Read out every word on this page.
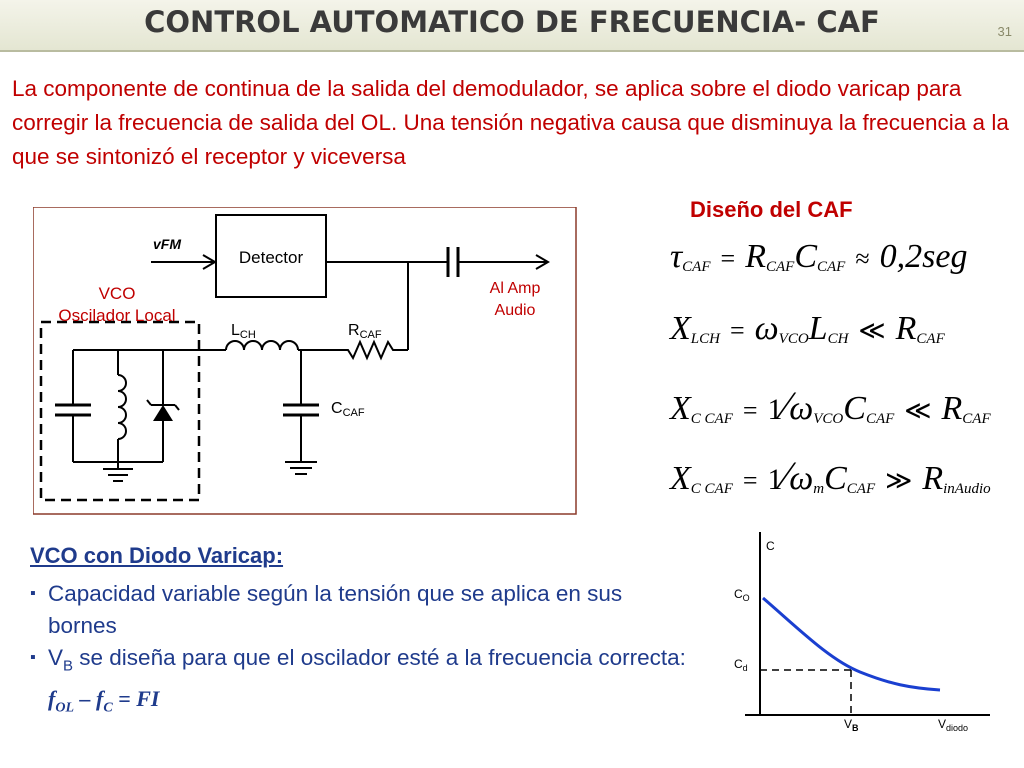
CONTROL AUTOMATICO DE FRECUENCIA- CAF	31
La componente de continua de la salida del demodulador, se aplica sobre el diodo varicap para corregir la frecuencia de salida del OL. Una tensión negativa causa que disminuya la frecuencia a la que se sintonizó el receptor y viceversa
vFM
Detector
Al Amp
Audio
RCAF
CCAF
LCH
VCO
Oscilador Local
Diseño del CAF
$\tau_{CAF} = R_{CAF}C_{CAF} \approx 0,2seg$
$X_{LCH} = \omega_{VCO}L_{CH}$ ≪ $R_{CAF}$
$X_{C CAF}$ = $1⁄\omega_{VCO}C_{CAF}$ ≪ $R_{CAF}$
$X_{C CAF}$ = $1⁄\omega_mC_{CAF}$ ≫ $R_{inAudio}$
VCO con Diodo Varicap:
▪ Capacidad variable según la tensión que se aplica en sus bornes
▪ $V_B$ se diseña para que el oscilador esté a la frecuencia correcta: $f_{OL} - f_C$ = FI
C
$C_O$
$C_d$
$V_B$	$V_{diodo}$
